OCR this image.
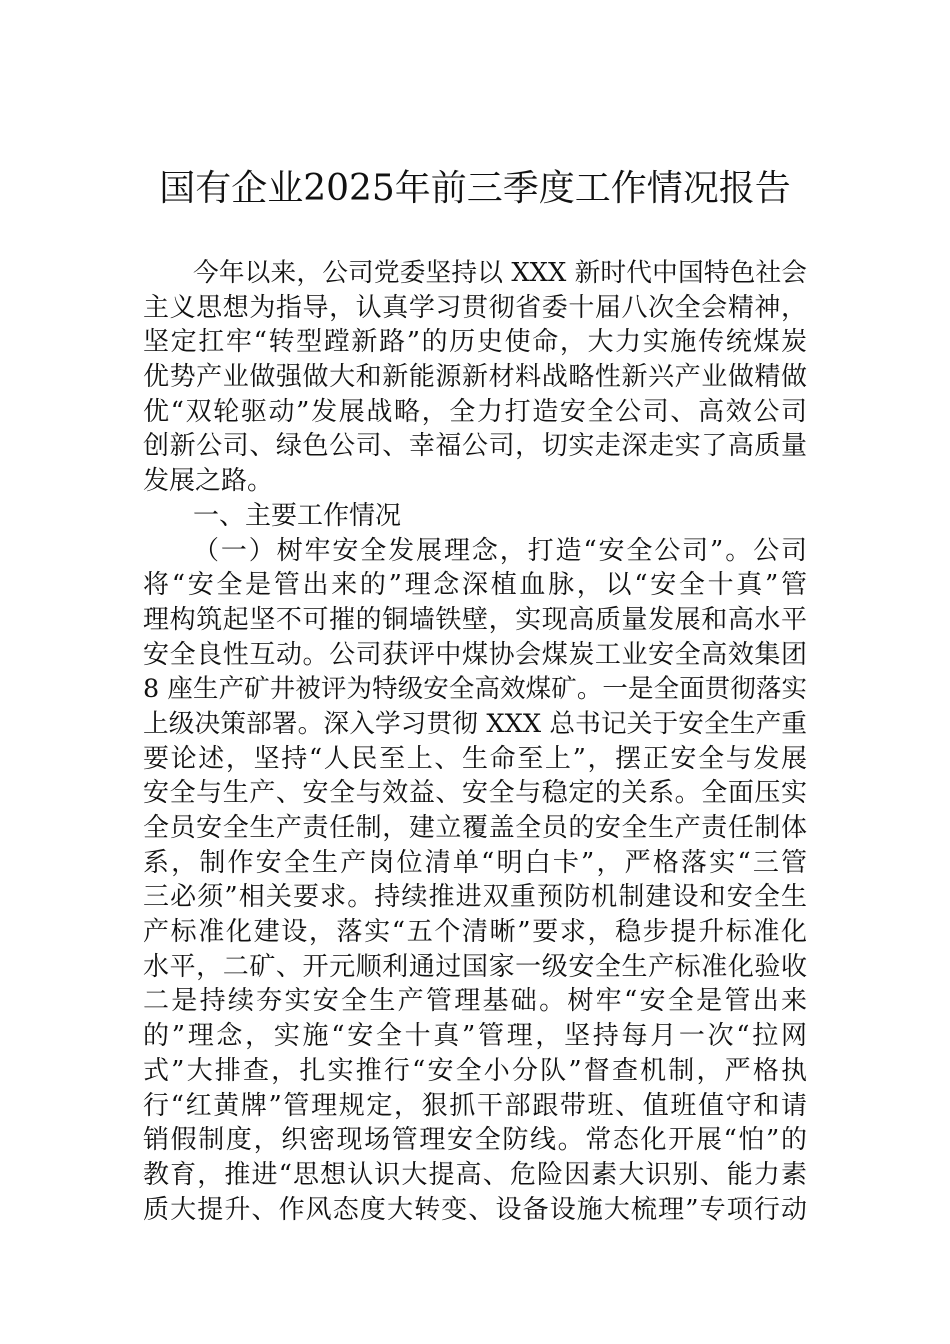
国有企业2025年前三季度工作情况报告
今年以来，公司党委坚持以 XXX 新时代中国特色社会
主义思想为指导，认真学习贯彻省委十届八次全会精神，
坚定扛牢“转型蹚新路”的历史使命，大力实施传统煤炭
优势产业做强做大和新能源新材料战略性新兴产业做精做
优“双轮驱动”发展战略，全力打造安全公司、高效公司
创新公司、绿色公司、幸福公司，切实走深走实了高质量
发展之路。
一、主要工作情况
（一）树牢安全发展理念，打造“安全公司”。公司
将“安全是管出来的”理念深植血脉，以“安全十真”管
理构筑起坚不可摧的铜墙铁壁，实现高质量发展和高水平
安全良性互动。公司获评中煤协会煤炭工业安全高效集团
8 座生产矿井被评为特级安全高效煤矿。一是全面贯彻落实
上级决策部署。深入学习贯彻 XXX 总书记关于安全生产重
要论述，坚持“人民至上、生命至上”，摆正安全与发展
安全与生产、安全与效益、安全与稳定的关系。全面压实
全员安全生产责任制，建立覆盖全员的安全生产责任制体
系，制作安全生产岗位清单“明白卡”，严格落实“三管
三必须”相关要求。持续推进双重预防机制建设和安全生
产标准化建设，落实“五个清晰”要求，稳步提升标准化
水平，二矿、开元顺利通过国家一级安全生产标准化验收
二是持续夯实安全生产管理基础。树牢“安全是管出来
的”理念，实施“安全十真”管理，坚持每月一次“拉网
式”大排查，扎实推行“安全小分队”督查机制，严格执
行“红黄牌”管理规定，狠抓干部跟带班、值班值守和请
销假制度，织密现场管理安全防线。常态化开展“怕”的
教育，推进“思想认识大提高、危险因素大识别、能力素
质大提升、作风态度大转变、设备设施大梳理”专项行动
